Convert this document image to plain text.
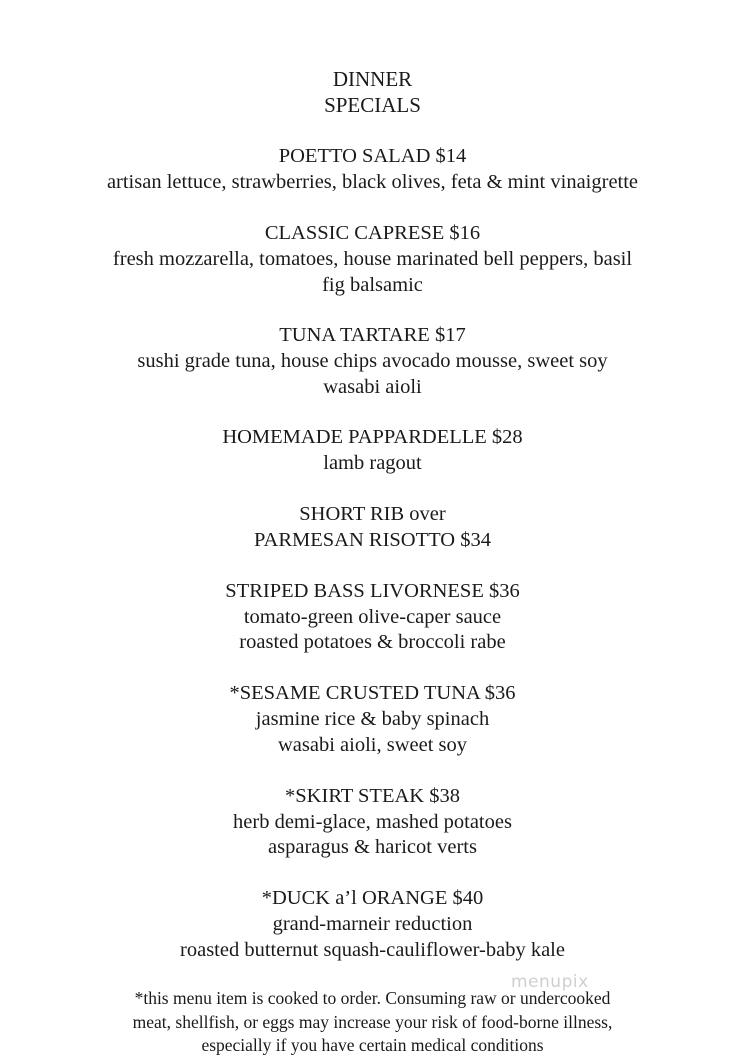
DINNER
SPECIALS
POETTO SALAD $14
artisan lettuce, strawberries, black olives, feta & mint vinaigrette
CLASSIC CAPRESE $16
fresh mozzarella, tomatoes, house marinated bell peppers, basil
fig balsamic
TUNA TARTARE $17
sushi grade tuna, house chips avocado mousse, sweet soy
wasabi aioli
HOMEMADE PAPPARDELLE $28
lamb ragout
SHORT RIB over
PARMESAN RISOTTO $34
STRIPED BASS LIVORNESE $36
tomato-green olive-caper sauce
roasted potatoes & broccoli rabe
*SESAME CRUSTED TUNA $36
jasmine rice & baby spinach
wasabi aioli, sweet soy
*SKIRT STEAK $38
herb demi-glace, mashed potatoes
asparagus & haricot verts
*DUCK a’l ORANGE $40
grand-marneir reduction
roasted butternut squash-cauliflower-baby kale
menupix
*this menu item is cooked to order. Consuming raw or undercooked
meat, shellfish, or eggs may increase your risk of food-borne illness,
especially if you have certain medical conditions
